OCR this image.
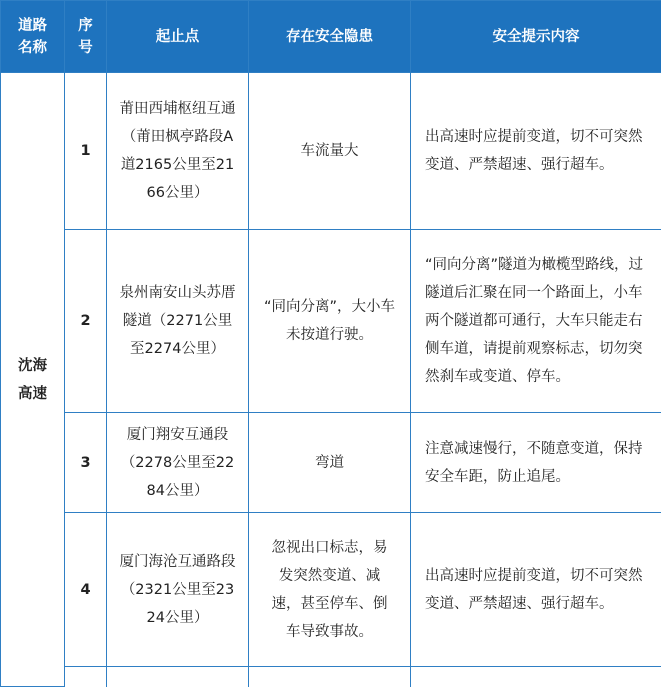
道路名称	序号	起止点	存在安全隐患	安全提示内容
沈海高速	1	莆田西埔枢纽互通（莆田枫亭路段A道2165公里至2166公里）	车流量大	出高速时应提前变道，切不可突然变道、严禁超速、强行超车。
	2	泉州南安山头苏厝隧道（2271公里至2274公里）	“同向分离”，大小车未按道行驶。	“同向分离”隧道为橄榄型路线，过隧道后汇聚在同一个路面上，小车两个隧道都可通行，大车只能走右侧车道，请提前观察标志，切勿突然刹车或变道、停车。
	3	厦门翔安互通段（2278公里至2284公里）	弯道	注意减速慢行，不随意变道，保持安全车距，防止追尾。
	4	厦门海沧互通路段（2321公里至2324公里）	忽视出口标志，易发突然变道、减速，甚至停车、倒车导致事故。	出高速时应提前变道，切不可突然变道、严禁超速、强行超车。
